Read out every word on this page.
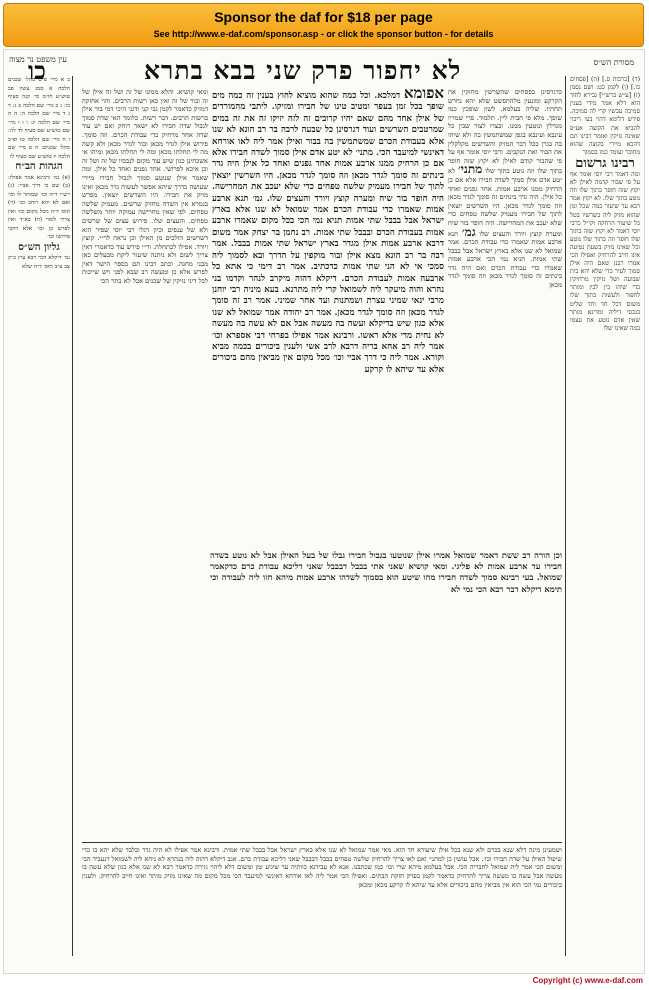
Sponsor the daf for $18 per page
See http://www.e-daf.com/sponsor.asp - or click the sponsor button - for details
כו	לא יחפור פרק שני בבא בתרא	מסורת הש״ס
עין משפט נר מצוה
(ד) [ברכות ס.] (ה) [פסחים כו.] (ו) לקמן כט: ושם נסמן (ז) [ע״ש ברש״י] גבירא לחוד הוא דלא אמר מידי בענין סמיכה עכשיו קרי לה סמיכה. פירש דלימא דהוי בעי ריבוי להביא את הקוצה אע״פ שאינה נזיקין ואומר רבינו תם דהכא מיירי בקוצה שהוא מחובר ועומד כמו בסמוך
רבינו גרשום
ומה דאמר רבי יוסי אומר אף על פי שבור קדמה לאילן לא יקוץ שזה חופר בתוך שלו וזה נוטע בתוך שלו. לא יקוץ אמר רבא עד שיעור כמה שכל זמן שהוא מזיק ליה בשרשיו בטל כל שיעור הרחקה וקי״ל כרבי יוסי דאמר לא יקוץ שזה בתוך שלו חופר וזה בתוך שלו נוטע וכל שאינו מזיק בשעת נטיעה אינו חייב להרחיק ואפילו הכי אמרו רבנן שאם היה אילן סמוך לעיר כדי שלא יהא בית שבועה ושל נזיקין מרחיקין כדי שיהו בין לבין ומותר לחפור ולעשות בתוך שלו משום דכל חד וחד שליט בנכסי דיליה ומדינא מותר שאין אדם נוטע את עצמו במה שאינו שלו
כדגרסינן בפסחים שהשרשין מחזקין את הקרקע ומונעין מלהתפשט שלא יהא נחרש תחתיו. שליה בעלמא. לשון שופכין כמו שופך. מלא פי חבית ליין. תלמוד. פרי שמריו מגדלין ונוטעין ממנו. ובצרו לצור שבין כל עינבא ועינבא בגפן שמשתמשין בה ולא שיהו בה בגרן ככל דבר המזיק והשרשים מקלקלין את הבור ואת הנקבים. ורבי יוסי אומר אף על פי שהבור קודם לאילן לא יקוץ שזה חופר בתוך שלו וזה נוטע בתוך שלו מתני׳ לא יטע אדם אילן סמוך לשדה חבירו אלא אם כן הרחיק ממנו ארבע אמות. אחד גפנים ואחד כל אילן. היה גדר בינתים זה סומך לגדר מכאן וזה סומך לגדר מכאן. היו השרשים יוצאין לתוך של חבירו מעמיק שלשה טפחים כדי שלא יעכב את המחרישה. היה חופר בור שיח ומערה קוצץ ויורד והעצים שלו גמ׳ תנא ארבע אמות שאמרו כדי עבודת הכרם. אמר שמואל לא שנו אלא בארץ ישראל אבל בבבל שתי אמות. תניא נמי הכי ארבע אמות שאמרו כדי עבודת הכרם ואם היה גדר בינתים זה סומך לגדר מכאן וזה סומך לגדר מכאן
אפומא דמלכא. וכל כמה שהוא מוציא לחוץ בענין זה כמה מים שופך בכל זמן בעפר ומטיב טינו של חבירו ומזיקו. ליתבי מהמורדים של אילן אחד מהם שאם יהיו קרובים זה לזה יזיקו זה את זה במים שמרטבים השרשים ועוד דגרסינן כל שבעה לרבה בר רב הונא לא שנו אלא בעבודת הכרם שמשתמשין בה בבור ואילן אמר ליה לאו אורחא דאינשי למיעבד הכי. מתני׳ לא יטע אדם אילן סמוך לשדה חבירו אלא אם כן הרחיק ממנו ארבע אמות אחד גפנים ואחד כל אילן היה גדר בינתים זה סומך לגדר מכאן וזה סומך לגדר מכאן. היו השרשין יוצאין לתוך של חבירו מעמיק שלשה טפחים כדי שלא יעכב את המחרישה. היה חופר בור שיח ומערה קוצץ ויורד והעצים שלו. גמ׳ תנא ארבע אמות שאמרו כדי עבודת הכרם אמר שמואל לא שנו אלא בארץ ישראל אבל בבבל שתי אמות תניא נמי הכי בכל מקום שאמרו ארבע אמות בעבודת הכרם ובבבל שתי אמות. רב נחמן בר יצחק אמר משום דרבא ארבע אמות אילן מגדר בארץ ישראל שתי אמות בבבל. אמר רבה בר רב הונא מצא אילן ובור מוקפין על הדרך ובא לסמוך ליה סמכי אי לא הני שתי אמות כדכתיב. אמר רב דימי כי אתא כל ארבעה אמות לעבודת הכרם. דיקלא דהוה מיקרב לנהר וקדמו בני נהרא והוה מיעקר ליה לשמואל קרי ליה מתרנא. בעא מיניה רבי יוחנן מרבי ינאי שמיני עצרת ושמתנות ועד אחר שמיני. אמר רב זה סומך לגדר מכאן וזה סומך לגדר מכאן. אמר רב יהודה אמר שמואל לא שנו אלא כגון שיש בדיקלא ועשה בה מעשה אבל אם לא עשה בה מעשה לא נחית מדי אלא ראשו. ורבינא אמר אפילו בפרחי דבי אספרא וכו׳ אמר ליה רב אחא בריה דרבא לרב אשי ולענין ביכורים בכמה מביא וקורא. אמר ליה כי דרך אביי וכו׳ מכל מקום אין מביאין מהם ביכורים אלא עד שיהא לו קרקע
ומאי קושיא. והלא ממונו של זה ושל זה אילן של זה ובור של זה ואין כאן רשות הרבים. והוי אחזקה דמזיק כדאמר לקמן גבי קני ודגני היכי דמי בור אילן ברשות הרבים. דבר רשות. כלומר האי שדה סמוך לגבול שדה חבירו לא ישאר רוחק ואם יש עוד שדה אחר מרחיק כדי עבודת הכרם. וזה סומך. פירוש אילן לגדר מכאן ובור לגדר מכאן ולא קשה מה לי תחלתו מכאן ומה לי תחלתו מכאן ומיהו אי אשכחינן כגון שיש עוד מקום לנכסיו של זה ושל זה וכן איכא לפרושי. אחד גפנים ואחד כל אילן. ומה שאמר אילן שנוטע סמוך לגבול חבירו מיירי שעושה כדרך שיהא אפשר לעשות גדר מכאן ואינו מזיק את חבירו. היו השרשים יוצאין. מפרש בגמרא אין השדה מחזיק שרשים. מעמיק שלשה טפחים. לפי שאין מחרישה עמוקה יותר משלשה טפחים. והעצים שלו. פירוש עצים של שרשים ולא של ענפים וכיון דגלי רבי יוסי שפיר הוא דשרשים הולכים מן האילן וכן נראה לר״י. קוצץ ויורד. אפילו לכתחלה. ור״י פירש עוד כדאמרי דאין צריך לשום ולא ניתנה שיעור ליקח מבעלים כאן מבני מחנה. וכתב רבינו תם בספר הישר דאין לפרש אלא כן ומעשה רב שבא לפני ויש שייכות לכל דיני נזיקין של שכנים אבל לא בתר הכי
וכן הורה רב ששת דאמר שמואל אמרו אילן שנוטעו בגבול חבירו גבלו של בעל האילן אבל לא נוטע בשדה חבירו עד ארבע אמות לא פליגי. ומאי קושיא שאני אתי בבבל דבבבל שאני דליכא עבודת כרם כדקאמר שמואל. בעי רבינא סמוך לשדה חבירו מהו שיטע הוא בסמוך לשדהו ארבע אמות מיהא חזו ליה לעבודה וכי תימא דיקלא דבר רבא הכי נמי לא
ב א מיי׳ פ״ט מהל׳ שכנים הלכה א סמג עשין פב טוש״ע חו״מ סי׳ קנה סעיף כו: ג ב מיי׳ שם הלכה ב ג: ד ג ד מיי׳ שם הלכה ה: ה ה מיי׳ שם הלכה יג: ו ו ז מיי׳ שם טוש״ע שם סעיף לד לה: ז ח מיי׳ שם הלכה טו ופ״ב מהל׳ שכנים: ח ט מיי׳ שם הלכה יז טוש״ע שם סעיף לז
הגהות הב״ח
(א) גמ׳ ורבינא אמר אפילו: (ב) שם כי דרך אביי: (ג) רש״י ד״ה וכו׳ שמותר לו וכו׳ ואם לא יהא רוחב וכו׳ (ד) תוס׳ ד״ה מכל מקום וכו׳ ואין צריך לומר (ה) בא״ד ואין לפרש כן וכו׳ אלא דהכי פירושו וכו׳
גליון הש״ס
גמ׳ דיקלא דבר רבא עיין ב״ק צב ע״ב תוס׳ ד״ה שלא
ושמעינן מינה דלא שנא בכרם ולא שנא בכל אילן שיעורא חד הוא. מאי אמר שמואל לא שנו אלא בארץ ישראל אבל בבבל שתי אמות. ורבינא אמר אפילו לא היה גדר ובלבד שלא יהא בו כדי שיפול האילן על שדה חבירו וכו׳. אבל עושין כן למתני׳ ואם לאו צריך להרחיק שלשה טפחים בבבל דבבבל שאני דליכא עבודת כרם. אגב דיקלא דהוה ליה בנהרא לא ניחא ליה לשמואל דנעביד הכי ומשום הכי אמר ליה שמואל לחבריה הכי. אבל בעלמא מיהא שרי וכו׳ כמו שכתבנו. אנא לא עבידנא כוותיה עד שיגיע זמן ומשום דלא ליהוי גזירה כדאמר רבא לא שנו אלא כגון שלא עשה בו מעשה אבל עשה בו מעשה צריך להרחיק כדאמר לקמן בפרק חזקת הבתים. ואפילו הכי אמר ליה לאו אורחא דאינשי למיעבד הכי מכל מקום מה שאינו מזיק מותר ואינו חייב להרחיק. ולענין ביכורים נמי הכי הוא אין מביאין מהם ביכורים אלא עד שיהא לו קרקע מכאן ומכאן
Copyright (c) www.e-daf.com
